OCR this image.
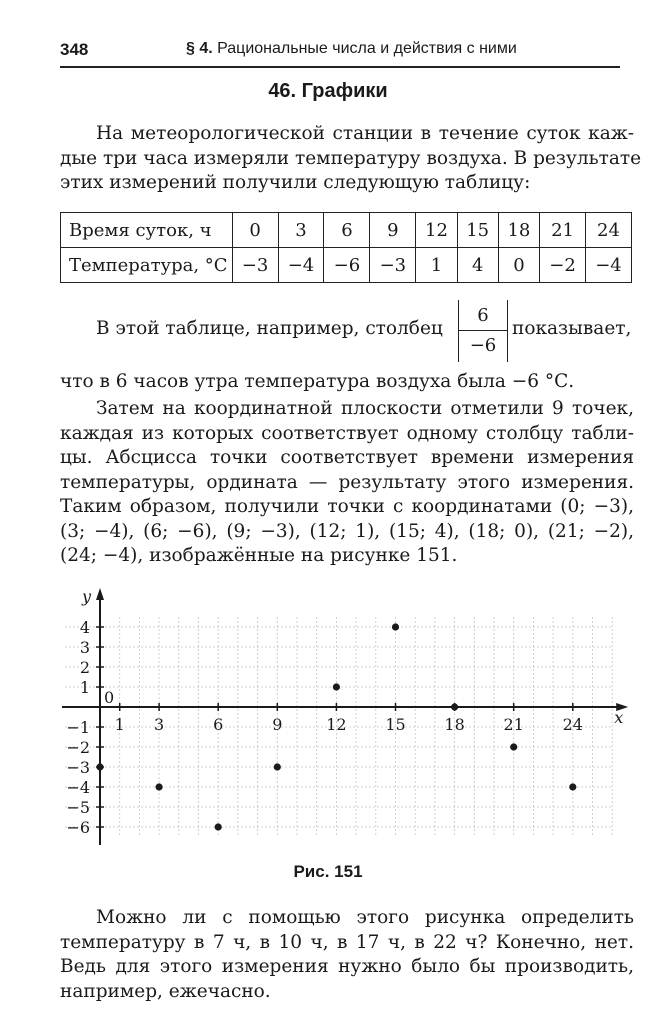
348	§ 4. Рациональные числа и действия с ними
46. Графики
На метеорологической станции в течение суток каж-
дые три часа измеряли температуру воздуха. В результате
этих измерений получили следующую таблицу:
Время суток, ч	0	3	6	9	12	15	18	21	24
Температура, °С	−3	−4	−6	−3	1	4	0	−2	−4
В этой таблице, например, столбец
6
−6
показывает,
что в 6 часов утра температура воздуха была −6 °С.
Затем на координатной плоскости отметили 9 точек,
каждая из которых соответствует одному столбцу табли-
цы. Абсцисса точки соответствует времени измерения
температуры, ордината — результату этого измерения.
Таким образом, получили точки с координатами (0; −3),
(3; −4), (6; −6), (9; −3), (12; 1), (15; 4), (18; 0), (21; −2),
(24; −4), изображённые на рисунке 151.
x
y
0
1 3	6	9	12 15 18 21 24
4
3
2
1
−1
−2
−3
−4
−5
−6
Рис. 151
Можно ли с помощью этого рисунка определить
температуру в 7 ч, в 10 ч, в 17 ч, в 22 ч? Конечно, нет.
Ведь для этого измерения нужно было бы производить,
например, ежечасно.
